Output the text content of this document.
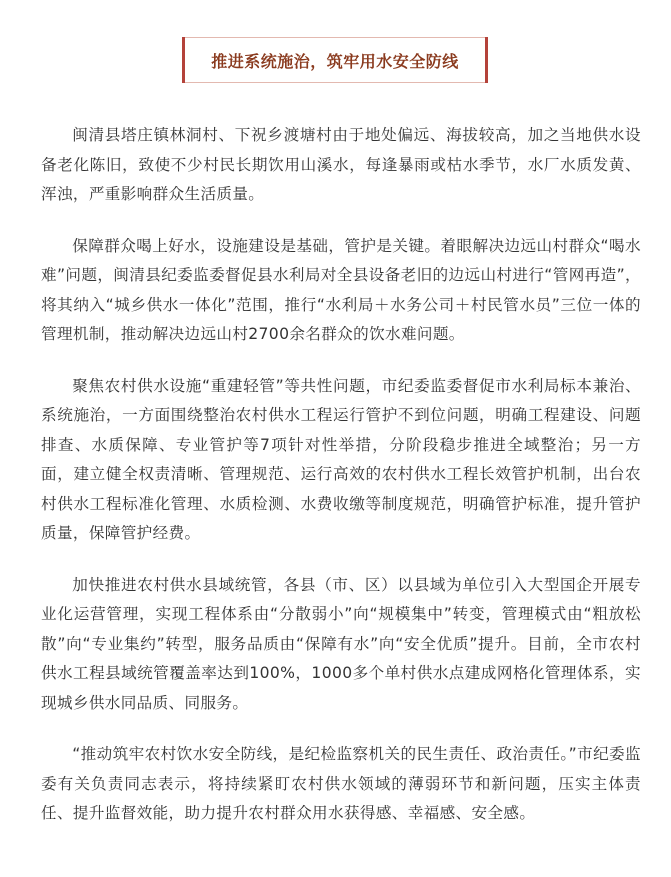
推进系统施治，筑牢用水安全防线

闽清县塔庄镇林洞村、下祝乡渡塘村由于地处偏远、海拔较高，加之当地供水设备老化陈旧，致使不少村民长期饮用山溪水，每逢暴雨或枯水季节，水厂水质发黄、浑浊，严重影响群众生活质量。

保障群众喝上好水，设施建设是基础，管护是关键。着眼解决边远山村群众“喝水难”问题，闽清县纪委监委督促县水利局对全县设备老旧的边远山村进行“管网再造”，将其纳入“城乡供水一体化”范围，推行“水利局＋水务公司＋村民管水员”三位一体的管理机制，推动解决边远山村2700余名群众的饮水难问题。

聚焦农村供水设施“重建轻管”等共性问题，市纪委监委督促市水利局标本兼治、系统施治，一方面围绕整治农村供水工程运行管护不到位问题，明确工程建设、问题排查、水质保障、专业管护等7项针对性举措，分阶段稳步推进全域整治；另一方面，建立健全权责清晰、管理规范、运行高效的农村供水工程长效管护机制，出台农村供水工程标准化管理、水质检测、水费收缴等制度规范，明确管护标准，提升管护质量，保障管护经费。

加快推进农村供水县域统管，各县（市、区）以县域为单位引入大型国企开展专业化运营管理，实现工程体系由“分散弱小”向“规模集中”转变，管理模式由“粗放松散”向“专业集约”转型，服务品质由“保障有水”向“安全优质”提升。目前，全市农村供水工程县域统管覆盖率达到100%，1000多个单村供水点建成网格化管理体系，实现城乡供水同品质、同服务。

“推动筑牢农村饮水安全防线，是纪检监察机关的民生责任、政治责任。”市纪委监委有关负责同志表示，将持续紧盯农村供水领域的薄弱环节和新问题，压实主体责任、提升监督效能，助力提升农村群众用水获得感、幸福感、安全感。
